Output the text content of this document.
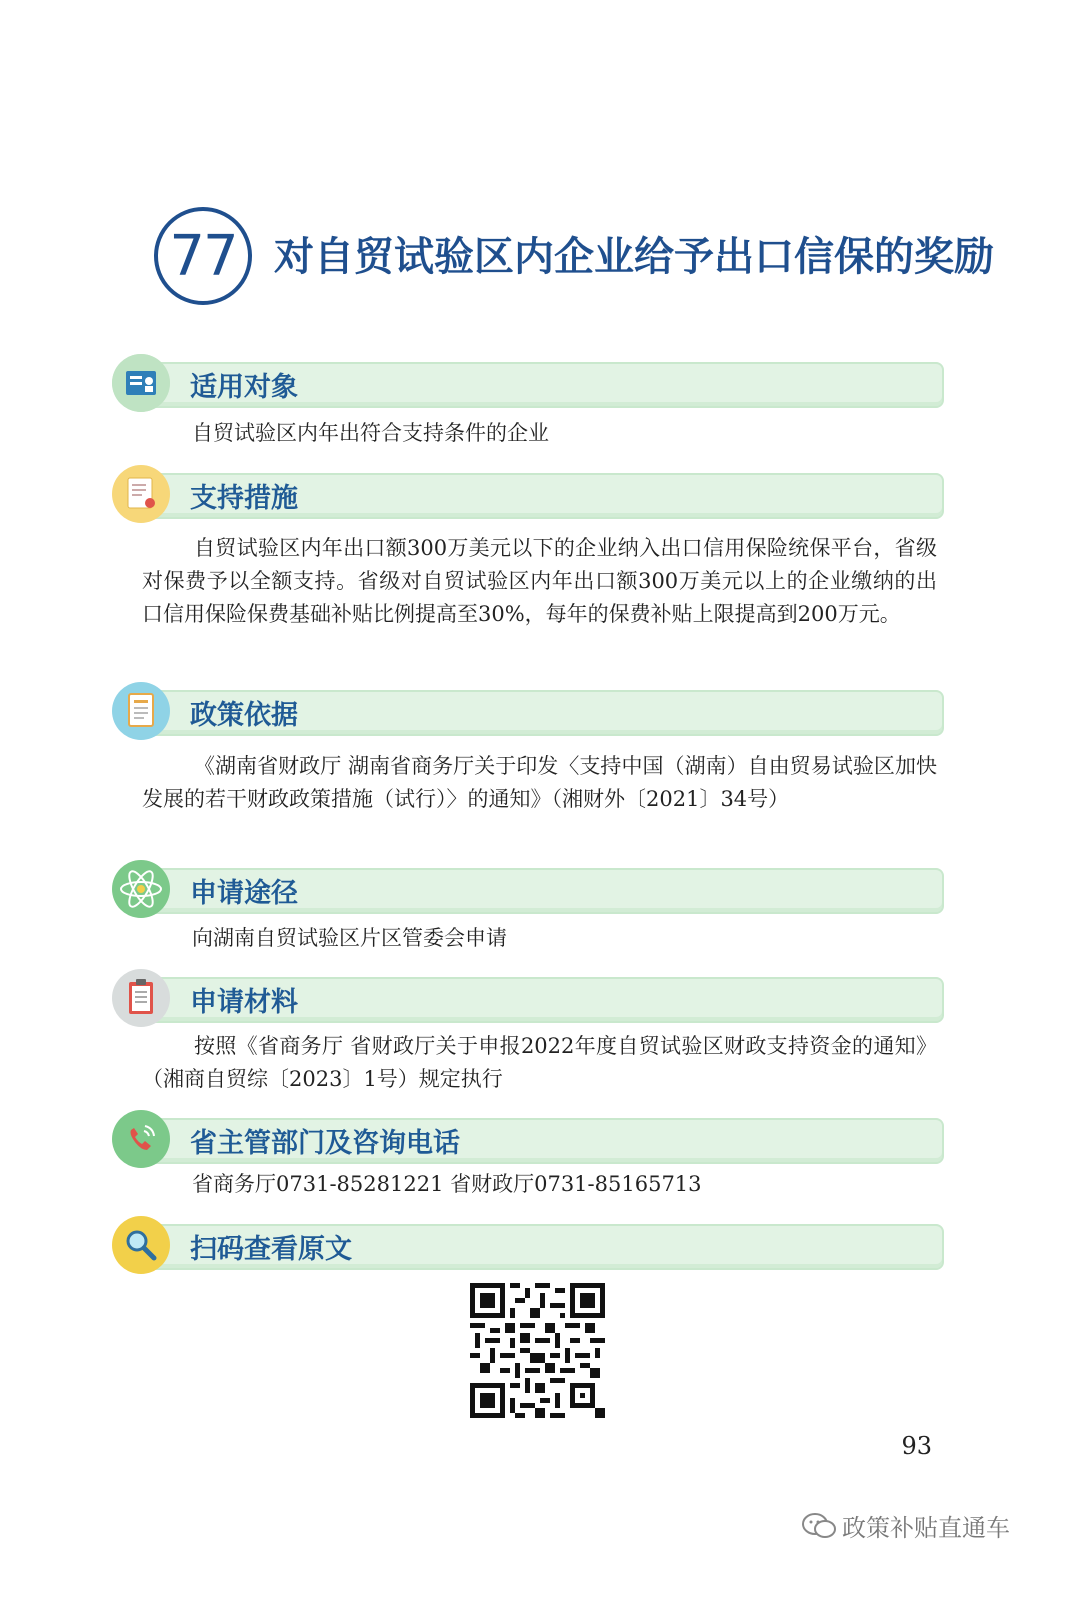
77 对自贸试验区内企业给予出口信保的奖励
适用对象
自贸试验区内年出符合支持条件的企业
支持措施
自贸试验区内年出口额300万美元以下的企业纳入出口信用保险统保平台，省级对保费予以全额支持。省级对自贸试验区内年出口额300万美元以上的企业缴纳的出口信用保险保费基础补贴比例提高至30%，每年的保费补贴上限提高到200万元。
政策依据
《湖南省财政厅 湖南省商务厅关于印发〈支持中国（湖南）自由贸易试验区加快发展的若干财政政策措施（试行）〉的通知》（湘财外〔2021〕34号）
申请途径
向湖南自贸试验区片区管委会申请
申请材料
按照《省商务厅 省财政厅关于申报2022年度自贸试验区财政支持资金的通知》（湘商自贸综〔2023〕1号）规定执行
省主管部门及咨询电话
省商务厅0731-85281221 省财政厅0731-85165713
扫码查看原文
93
政策补贴直通车
